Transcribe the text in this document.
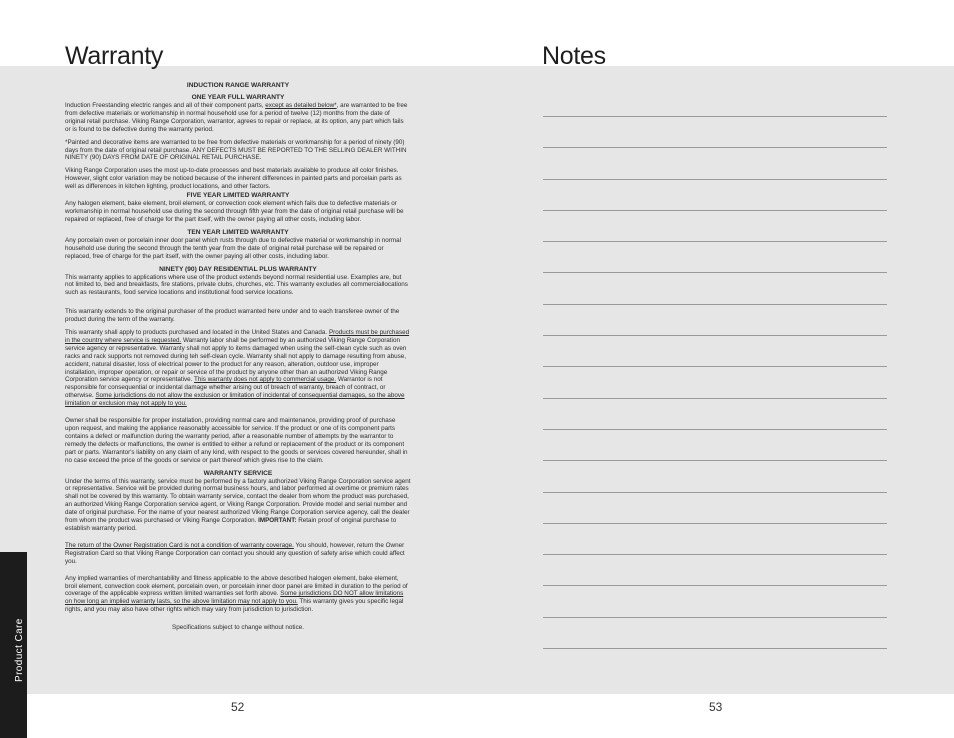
Warranty	Notes
Product Care
INDUCTION RANGE WARRANTY
ONE YEAR FULL WARRANTY

Induction Freestanding electric ranges and all of their component parts, except as detailed below*, are warranted to be free from defective materials or workmanship in normal household use for a period of twelve (12) months from the date of original retail purchase. Viking Range Corporation, warrantor, agrees to repair or replace, at its option, any part which fails or is found to be defective during the warranty period.

*Painted and decorative items are warranted to be free from defective materials or workmanship for a period of ninety (90) days from the date of original retail purchase. ANY DEFECTS MUST BE REPORTED TO THE SELLING DEALER WITHIN NINETY (90) DAYS FROM DATE OF ORIGINAL RETAIL PURCHASE.

Viking Range Corporation uses the most up-to-date processes and best materials available to produce all color finishes. However, slight color variation may be noticed because of the inherent differences in painted parts and porcelain parts as well as differences in kitchen lighting, product locations, and other factors.

FIVE YEAR LIMITED WARRANTY

Any halogen element, bake element, broil element, or convection cook element which fails due to defective materials or workmanship in normal household use during the second through fifth year from the date of original retail purchase will be repaired or replaced, free of charge for the part itself, with the owner paying all other costs, including labor.

TEN YEAR LIMITED WARRANTY

Any porcelain oven or porcelain inner door panel which rusts through due to defective material or workmanship in normal household use during the second through the tenth year from the date of original retail purchase will be repaired or replaced, free of charge for the part itself, with the owner paying all other costs, including labor.

NINETY (90) DAY RESIDENTIAL PLUS WARRANTY

This warranty applies to applications where use of the product extends beyond normal residential use. Examples are, but not limited to, bed and breakfasts, fire stations, private clubs, churches, etc. This warranty excludes all commerciallocations such as restaurants, food service locations and institutional food service locations.

This warranty extends to the original purchaser of the product warranted here under and to each transferee owner of the product during the term of the warranty.

This warranty shall apply to products purchased and located in the United States and Canada. Products must be purchased in the country where service is requested. Warranty labor shall be performed by an authorized Viking Range Corporation service agency or representative. Warranty shall not apply to items damaged when using the self-clean cycle such as oven racks and rack supports not removed during teh self-clean cycle. Warranty shall not apply to damage resulting from abuse, accident, natural disaster, loss of electrical power to the product for any reason, alteration, outdoor use, improper installation, improper operation, or repair or service of the product by anyone other than an authorized Viking Range Corporation service agency or representative. This warranty does not apply to commercial usage. Warrantor is not responsible for consequential or incidental damage whether arising out of breach of warranty, breach of contract, or otherwise. Some jurisdictions do not allow the exclusion or limitation of incidental of consequential damages, so the above limitation or exclusion may not apply to you.

Owner shall be responsible for proper installation, providing normal care and maintenance, providing proof of purchase upon request, and making the appliance reasonably accessible for service. If the product or one of its component parts contains a defect or malfunction during the warranty period, after a reasonable number of attempts by the warrantor to remedy the defects or malfunctions, the owner is entitled to either a refund or replacement of the product or its component part or parts. Warrantor's liability on any claim of any kind, with respect to the goods or services covered hereunder, shall in no case exceed the price of the goods or service or part thereof which gives rise to the claim.

WARRANTY SERVICE

Under the terms of this warranty, service must be performed by a factory authorized Viking Range Corporation service agent or representative. Service will be provided during normal business hours, and labor performed at overtime or premium rates shall not be covered by this warranty. To obtain warranty service, contact the dealer from whom the product was purchased, an authorized Viking Range Corporation service agent, or Viking Range Corporation. Provide model and serial number and date of original purchase. For the name of your nearest authorized Viking Range Corporation service agency, call the dealer from whom the product was purchased or Viking Range Corporation. IMPORTANT: Retain proof of original purchase to establish warranty period.

The return of the Owner Registration Card is not a condition of warranty coverage. You should, however, return the Owner Registration Card so that Viking Range Corporation can contact you should any question of safety arise which could affect you.

Any implied warranties of merchantability and fitness applicable to the above described halogen element, bake element, broil element, convection cook element, porcelain oven, or porcelain inner door panel are limited in duration to the period of coverage of the applicable express written limited warranties set forth above. Some jurisdictions DO NOT allow limitations on how long an implied warranty lasts, so the above limitation may not apply to you. This warranty gives you specific legal rights, and you may also have other rights which may vary from jurisdiction to jurisdiction.

Specifications subject to change without notice.

52	53
